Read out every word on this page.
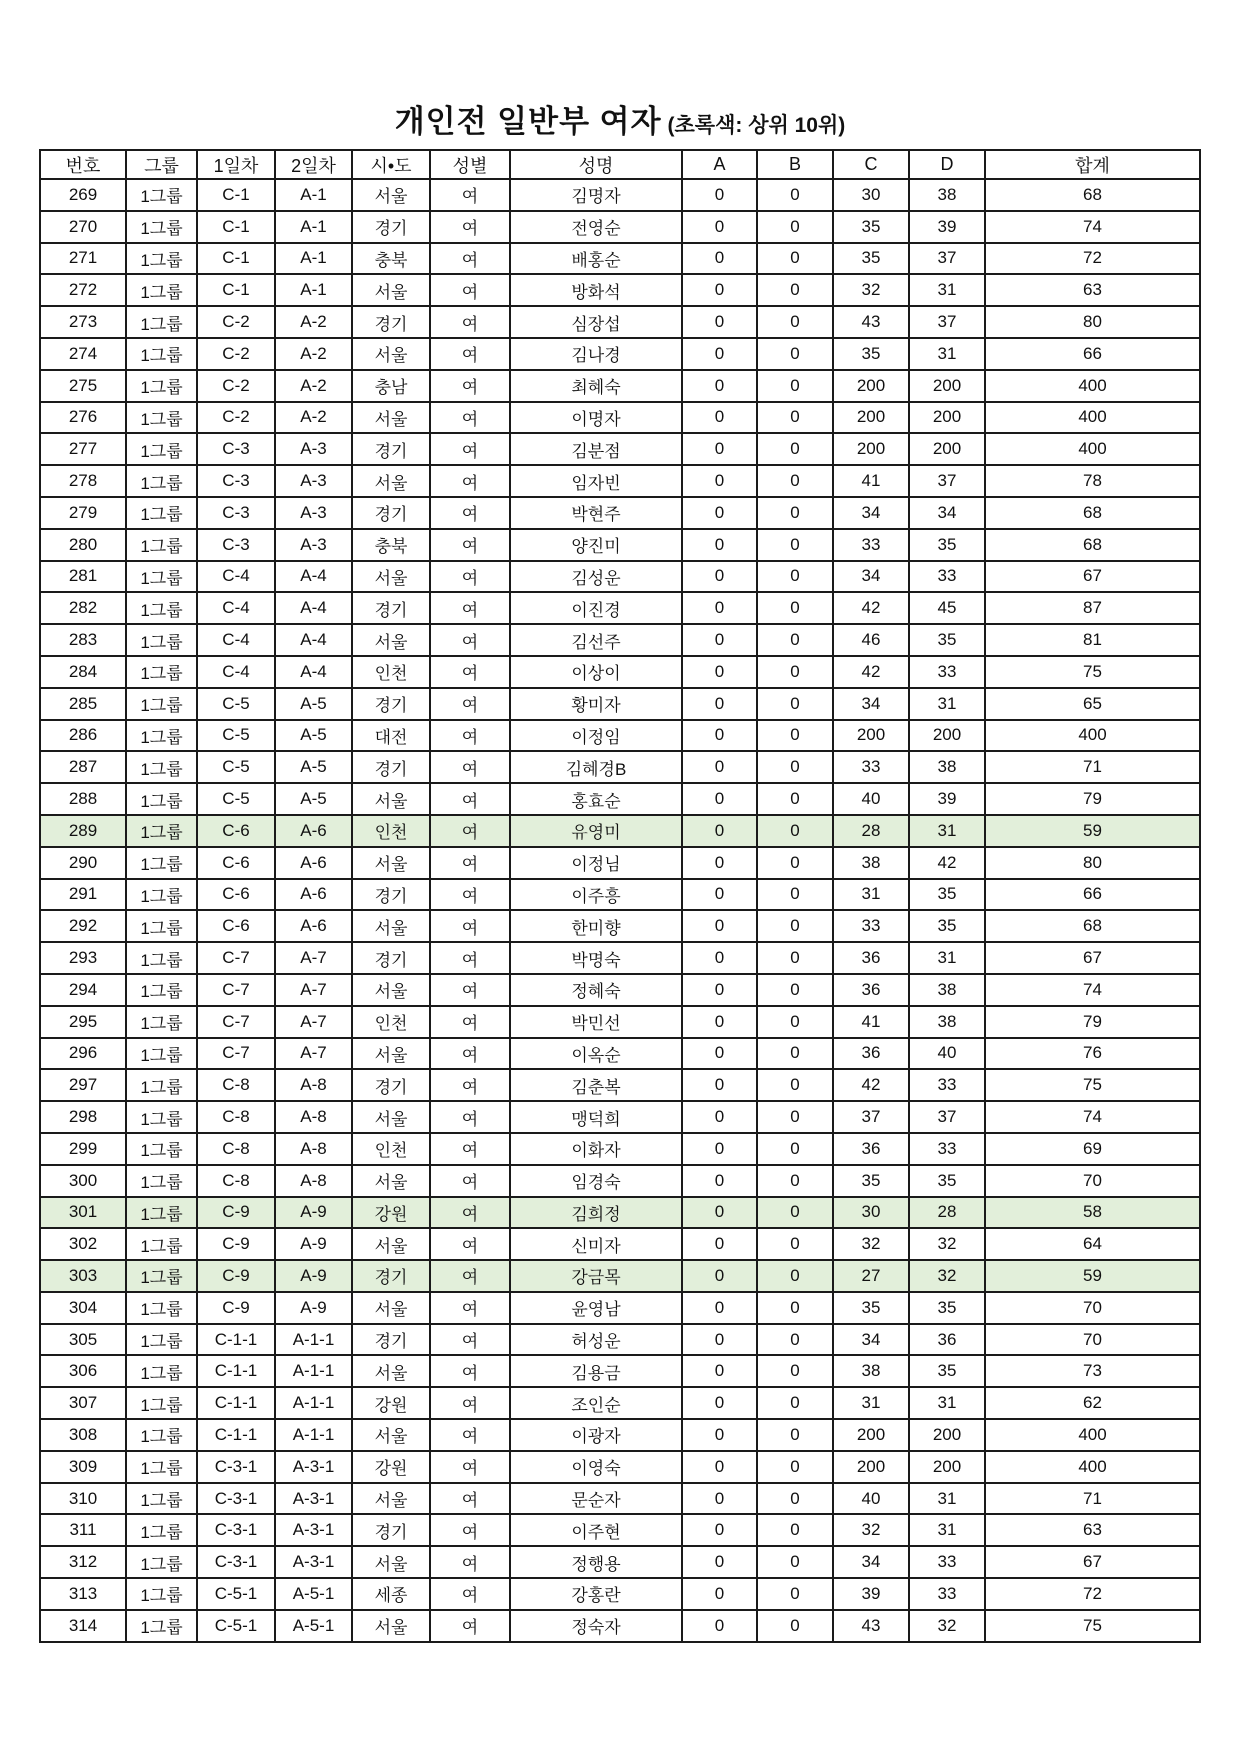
개인전 일반부 여자 (초록색: 상위 10위)
번호	그룹	1일차	2일차	시•도	성별	성명	A	B	C	D	합계
269	1그룹	C-1	A-1	서울	여	김명자	0	0	30	38	68
270	1그룹	C-1	A-1	경기	여	전영순	0	0	35	39	74
271	1그룹	C-1	A-1	충북	여	배홍순	0	0	35	37	72
272	1그룹	C-1	A-1	서울	여	방화석	0	0	32	31	63
273	1그룹	C-2	A-2	경기	여	심장섭	0	0	43	37	80
274	1그룹	C-2	A-2	서울	여	김나경	0	0	35	31	66
275	1그룹	C-2	A-2	충남	여	최혜숙	0	0	200	200	400
276	1그룹	C-2	A-2	서울	여	이명자	0	0	200	200	400
277	1그룹	C-3	A-3	경기	여	김분점	0	0	200	200	400
278	1그룹	C-3	A-3	서울	여	임자빈	0	0	41	37	78
279	1그룹	C-3	A-3	경기	여	박현주	0	0	34	34	68
280	1그룹	C-3	A-3	충북	여	양진미	0	0	33	35	68
281	1그룹	C-4	A-4	서울	여	김성운	0	0	34	33	67
282	1그룹	C-4	A-4	경기	여	이진경	0	0	42	45	87
283	1그룹	C-4	A-4	서울	여	김선주	0	0	46	35	81
284	1그룹	C-4	A-4	인천	여	이상이	0	0	42	33	75
285	1그룹	C-5	A-5	경기	여	황미자	0	0	34	31	65
286	1그룹	C-5	A-5	대전	여	이정임	0	0	200	200	400
287	1그룹	C-5	A-5	경기	여	김혜경B	0	0	33	38	71
288	1그룹	C-5	A-5	서울	여	홍효순	0	0	40	39	79
289	1그룹	C-6	A-6	인천	여	유영미	0	0	28	31	59
290	1그룹	C-6	A-6	서울	여	이정님	0	0	38	42	80
291	1그룹	C-6	A-6	경기	여	이주흥	0	0	31	35	66
292	1그룹	C-6	A-6	서울	여	한미향	0	0	33	35	68
293	1그룹	C-7	A-7	경기	여	박명숙	0	0	36	31	67
294	1그룹	C-7	A-7	서울	여	정혜숙	0	0	36	38	74
295	1그룹	C-7	A-7	인천	여	박민선	0	0	41	38	79
296	1그룹	C-7	A-7	서울	여	이옥순	0	0	36	40	76
297	1그룹	C-8	A-8	경기	여	김춘복	0	0	42	33	75
298	1그룹	C-8	A-8	서울	여	맹덕희	0	0	37	37	74
299	1그룹	C-8	A-8	인천	여	이화자	0	0	36	33	69
300	1그룹	C-8	A-8	서울	여	임경숙	0	0	35	35	70
301	1그룹	C-9	A-9	강원	여	김희정	0	0	30	28	58
302	1그룹	C-9	A-9	서울	여	신미자	0	0	32	32	64
303	1그룹	C-9	A-9	경기	여	강금목	0	0	27	32	59
304	1그룹	C-9	A-9	서울	여	윤영남	0	0	35	35	70
305	1그룹	C-1-1	A-1-1	경기	여	허성운	0	0	34	36	70
306	1그룹	C-1-1	A-1-1	서울	여	김용금	0	0	38	35	73
307	1그룹	C-1-1	A-1-1	강원	여	조인순	0	0	31	31	62
308	1그룹	C-1-1	A-1-1	서울	여	이광자	0	0	200	200	400
309	1그룹	C-3-1	A-3-1	강원	여	이영숙	0	0	200	200	400
310	1그룹	C-3-1	A-3-1	서울	여	문순자	0	0	40	31	71
311	1그룹	C-3-1	A-3-1	경기	여	이주현	0	0	32	31	63
312	1그룹	C-3-1	A-3-1	서울	여	정행용	0	0	34	33	67
313	1그룹	C-5-1	A-5-1	세종	여	강홍란	0	0	39	33	72
314	1그룹	C-5-1	A-5-1	서울	여	정숙자	0	0	43	32	75
